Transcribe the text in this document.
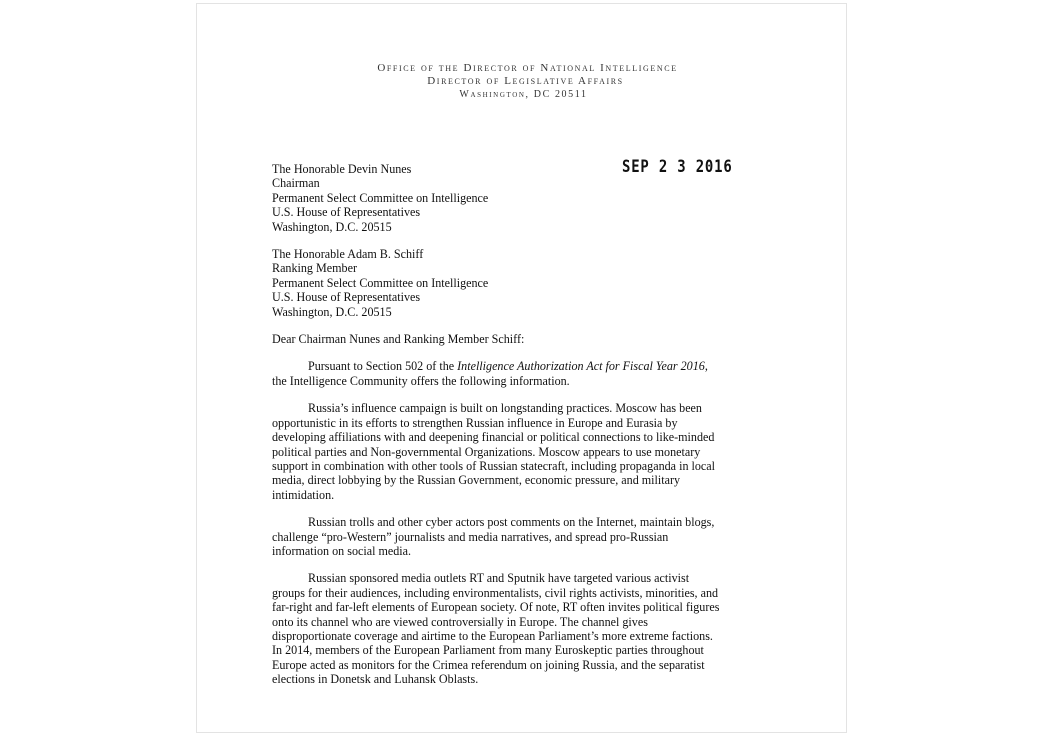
Office of the Director of National Intelligence
Director of Legislative Affairs
Washington, DC 20511
SEP 2 3 2016
The Honorable Devin Nunes
Chairman
Permanent Select Committee on Intelligence
U.S. House of Representatives
Washington, D.C. 20515
The Honorable Adam B. Schiff
Ranking Member
Permanent Select Committee on Intelligence
U.S. House of Representatives
Washington, D.C. 20515
Dear Chairman Nunes and Ranking Member Schiff:
Pursuant to Section 502 of the Intelligence Authorization Act for Fiscal Year 2016,
the Intelligence Community offers the following information.
Russia’s influence campaign is built on longstanding practices. Moscow has been
opportunistic in its efforts to strengthen Russian influence in Europe and Eurasia by
developing affiliations with and deepening financial or political connections to like-minded
political parties and Non-governmental Organizations. Moscow appears to use monetary
support in combination with other tools of Russian statecraft, including propaganda in local
media, direct lobbying by the Russian Government, economic pressure, and military
intimidation.
Russian trolls and other cyber actors post comments on the Internet, maintain blogs,
challenge “pro-Western” journalists and media narratives, and spread pro-Russian
information on social media.
Russian sponsored media outlets RT and Sputnik have targeted various activist
groups for their audiences, including environmentalists, civil rights activists, minorities, and
far-right and far-left elements of European society. Of note, RT often invites political figures
onto its channel who are viewed controversially in Europe. The channel gives
disproportionate coverage and airtime to the European Parliament’s more extreme factions.
In 2014, members of the European Parliament from many Euroskeptic parties throughout
Europe acted as monitors for the Crimea referendum on joining Russia, and the separatist
elections in Donetsk and Luhansk Oblasts.
